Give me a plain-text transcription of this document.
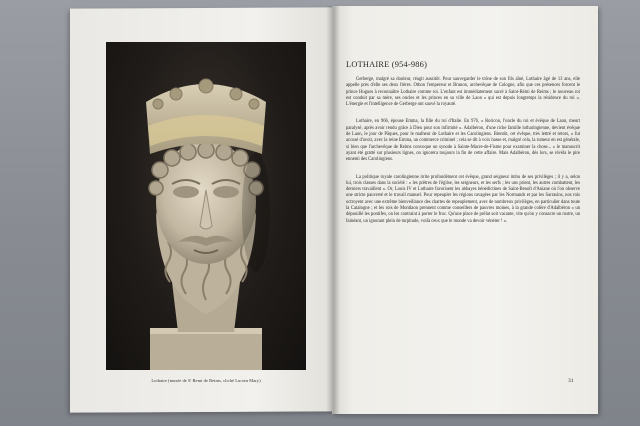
Lothaire (musée de S' Remi de Reims, cliché Lucien Mary)
LOTHAIRE (954-986)

Gerberge, malgré sa douleur, réagit aussitôt. Pour sauvegarder le trône de son fils aîné, Lothaire âgé de 13 ans, elle appelle près d'elle ses deux frères. Othon l'empereur et Brunon, archevêque de Cologne, afin que ces présences forcent le prince Hugues à reconnaître Lothaire comme roi. L'enfant est immédiatement sacré à Saint-Rémi de Reims ; le nouveau roi est conduit par sa mère, ses oncles et les princes en sa ville de Laon « qui est depuis longtemps la résidence du roi ». L'énergie et l'intelligence de Gerberge ont sauvé la royauté.

Lothaire, en 966, épouse Emma, la fille du roi d'Italie. En 976, « Roricon, l'oncle du roi et évêque de Laon, meurt paralysé, après avoir rendu grâce à Dieu pour son infirmité ». Adalbéron, d'une riche famille lotharingienne, devient évêque de Laon, le jour de Pâques, pour le malheur de Lothaire et les Carolingiens. Bientôt, cet évêque, très lettré et retors, « fut accusé d'avoir, avec la reine Emma, un commerce criminel ; cela se dit à voix basse et, malgré cela, la rumeur en est générale, si bien que l'archevêque de Reims convoque un synode à Sainte-Macre-de-Fisme pour examiner la chose... » le manuscrit ayant été gratté sur plusieurs lignes, on ignorera toujours la fin de cette affaire. Mais Adalbéron, dès lors, se révéla le pire ennemi des Carolingiens.

La politique royale carolingienne irrite profondément cet évêque, grand seigneur imbu de ses privilèges ; il y a, selon lui, trois classes dans la société : « les prêtres de l'église, les seigneurs, et les serfs ; les uns prient, les autres combattent, les derniers travaillent ». Or, Louis IV et Lothaire favorisent les abbayes bénédictines de Saint-Benoît d'Aniane où l'on observe une stricte pauvreté et le travail manuel. Pour repeupler les régions ravagées par les Normands et par les Sarrasins, nos rois octroyent avec une extrême bienveillance des chartes de repeuplement, avec de nombreux privilèges, en particulier dans toute la Catalogne ; et les rois de Montlaon prennent comme conseillers de pauvres moines, à la grande colère d'Adalbéron « un dépouillé les pontifes, on les contraint à porter le froc. Qu'une place de prélat soit vacante, vite qu'on y consacre un rustre, un fainéant, un ignorant plein de turpitude, voilà ceux que le monde va devoir vénérer ! ».

31
